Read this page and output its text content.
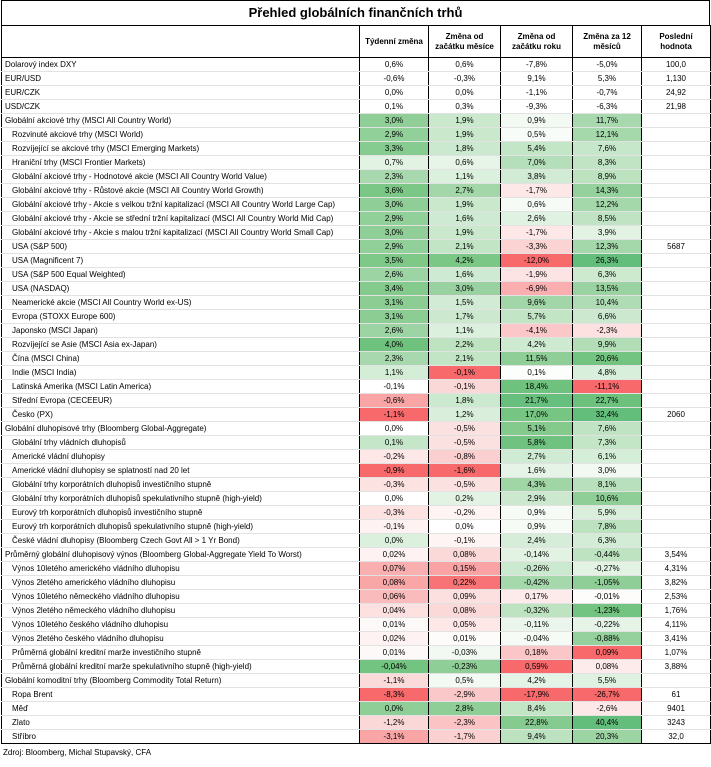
Přehled globálních finančních trhů
	Týdenní změna	Změna od začátku měsíce	Změna od začátku roku	Změna za 12 měsíců	Poslední hodnota
Dolarový index DXY	0,6%	0,6%	-7,8%	-5,0%	100,0
EUR/USD	-0,6%	-0,3%	9,1%	5,3%	1,130
EUR/CZK	0,0%	0,0%	-1,1%	-0,7%	24,92
USD/CZK	0,1%	0,3%	-9,3%	-6,3%	21,98
Globální akciové trhy (MSCI All Country World)	3,0%	1,9%	0,9%	11,7%	
Rozvinuté akciové trhy (MSCI World)	2,9%	1,9%	0,5%	12,1%	
Rozvíjející se akciové trhy (MSCI Emerging Markets)	3,3%	1,8%	5,4%	7,6%	
Hraniční trhy (MSCI Frontier Markets)	0,7%	0,6%	7,0%	8,3%	
Globální akciové trhy - Hodnotové akcie (MSCI All Country World Value)	2,3%	1,1%	3,8%	8,9%	
Globální akciové trhy - Růstové akcie (MSCI All Country World Growth)	3,6%	2,7%	-1,7%	14,3%	
Globální akciové trhy - Akcie s velkou tržní kapitalizací (MSCI All Country World Large Cap)	3,0%	1,9%	0,6%	12,2%	
Globální akciové trhy - Akcie se střední tržní kapitalizací (MSCI All Country World Mid Cap)	2,9%	1,6%	2,6%	8,5%	
Globální akciové trhy - Akcie s malou tržní kapitalizací (MSCI All Country World Small Cap)	3,0%	1,9%	-1,7%	3,9%	
USA (S&P 500)	2,9%	2,1%	-3,3%	12,3%	5687
USA (Magnificent 7)	3,5%	4,2%	-12,0%	26,3%	
USA (S&P 500 Equal Weighted)	2,6%	1,6%	-1,9%	6,3%	
USA (NASDAQ)	3,4%	3,0%	-6,9%	13,5%	
Neamerické akcie (MSCI All Country World ex-US)	3,1%	1,5%	9,6%	10,4%	
Evropa (STOXX Europe 600)	3,1%	1,7%	5,7%	6,6%	
Japonsko (MSCI Japan)	2,6%	1,1%	-4,1%	-2,3%	
Rozvíjející se Asie (MSCI Asia ex-Japan)	4,0%	2,2%	4,2%	9,9%	
Čína (MSCI China)	2,3%	2,1%	11,5%	20,6%	
Indie (MSCI India)	1,1%	-0,1%	0,1%	4,8%	
Latinská Amerika (MSCI Latin America)	-0,1%	-0,1%	18,4%	-11,1%	
Střední Evropa (CECEEUR)	-0,6%	1,8%	21,7%	22,7%	
Česko (PX)	-1,1%	1,2%	17,0%	32,4%	2060
Globální dluhopisové trhy (Bloomberg Global-Aggregate)	0,0%	-0,5%	5,1%	7,6%	
Globální trhy vládních dluhopisů	0,1%	-0,5%	5,8%	7,3%	
Americké vládní dluhopisy	-0,2%	-0,8%	2,7%	6,1%	
Americké vládní dluhopisy se splatností nad 20 let	-0,9%	-1,6%	1,6%	3,0%	
Globální trhy korporátních dluhopisů investičního stupně	-0,3%	-0,5%	4,3%	8,1%	
Globální trhy korporátních dluhopisů spekulativního stupně (high-yield)	0,0%	0,2%	2,9%	10,6%	
Eurový trh korporátních dluhopisů investičního stupně	-0,3%	-0,2%	0,9%	5,9%	
Eurový trh korporátních dluhopisů spekulativního stupně (high-yield)	-0,1%	0,0%	0,9%	7,8%	
České vládní dluhopisy (Bloomberg Czech Govt All > 1 Yr Bond)	0,0%	-0,1%	2,4%	6,3%	
Průměrný globální dluhopisový výnos (Bloomberg Global-Aggregate Yield To Worst)	0,02%	0,08%	-0,14%	-0,44%	3,54%
Výnos 10letého amerického vládního dluhopisu	0,07%	0,15%	-0,26%	-0,27%	4,31%
Výnos 2letého amerického vládního dluhopisu	0,08%	0,22%	-0,42%	-1,05%	3,82%
Výnos 10letého německého vládního dluhopisu	0,06%	0,09%	0,17%	-0,01%	2,53%
Výnos 2letého německého vládního dluhopisu	0,04%	0,08%	-0,32%	-1,23%	1,76%
Výnos 10letého českého vládního dluhopisu	0,01%	0,05%	-0,11%	-0,22%	4,11%
Výnos 2letého českého vládního dluhopisu	0,02%	0,01%	-0,04%	-0,88%	3,41%
Průměrná globální kreditní marže investičního stupně	0,01%	-0,03%	0,18%	0,09%	1,07%
Průměrná globální kreditní marže spekulativního stupně (high-yield)	-0,04%	-0,23%	0,59%	0,08%	3,88%
Globální komoditní trhy (Bloomberg Commodity Total Return)	-1,1%	0,5%	4,2%	5,5%	
Ropa Brent	-8,3%	-2,9%	-17,9%	-26,7%	61
Měď	0,0%	2,8%	8,4%	-2,6%	9401
Zlato	-1,2%	-2,3%	22,8%	40,4%	3243
Stříbro	-3,1%	-1,7%	9,4%	20,3%	32,0
Zdroj: Bloomberg, Michal Stupavský, CFA
